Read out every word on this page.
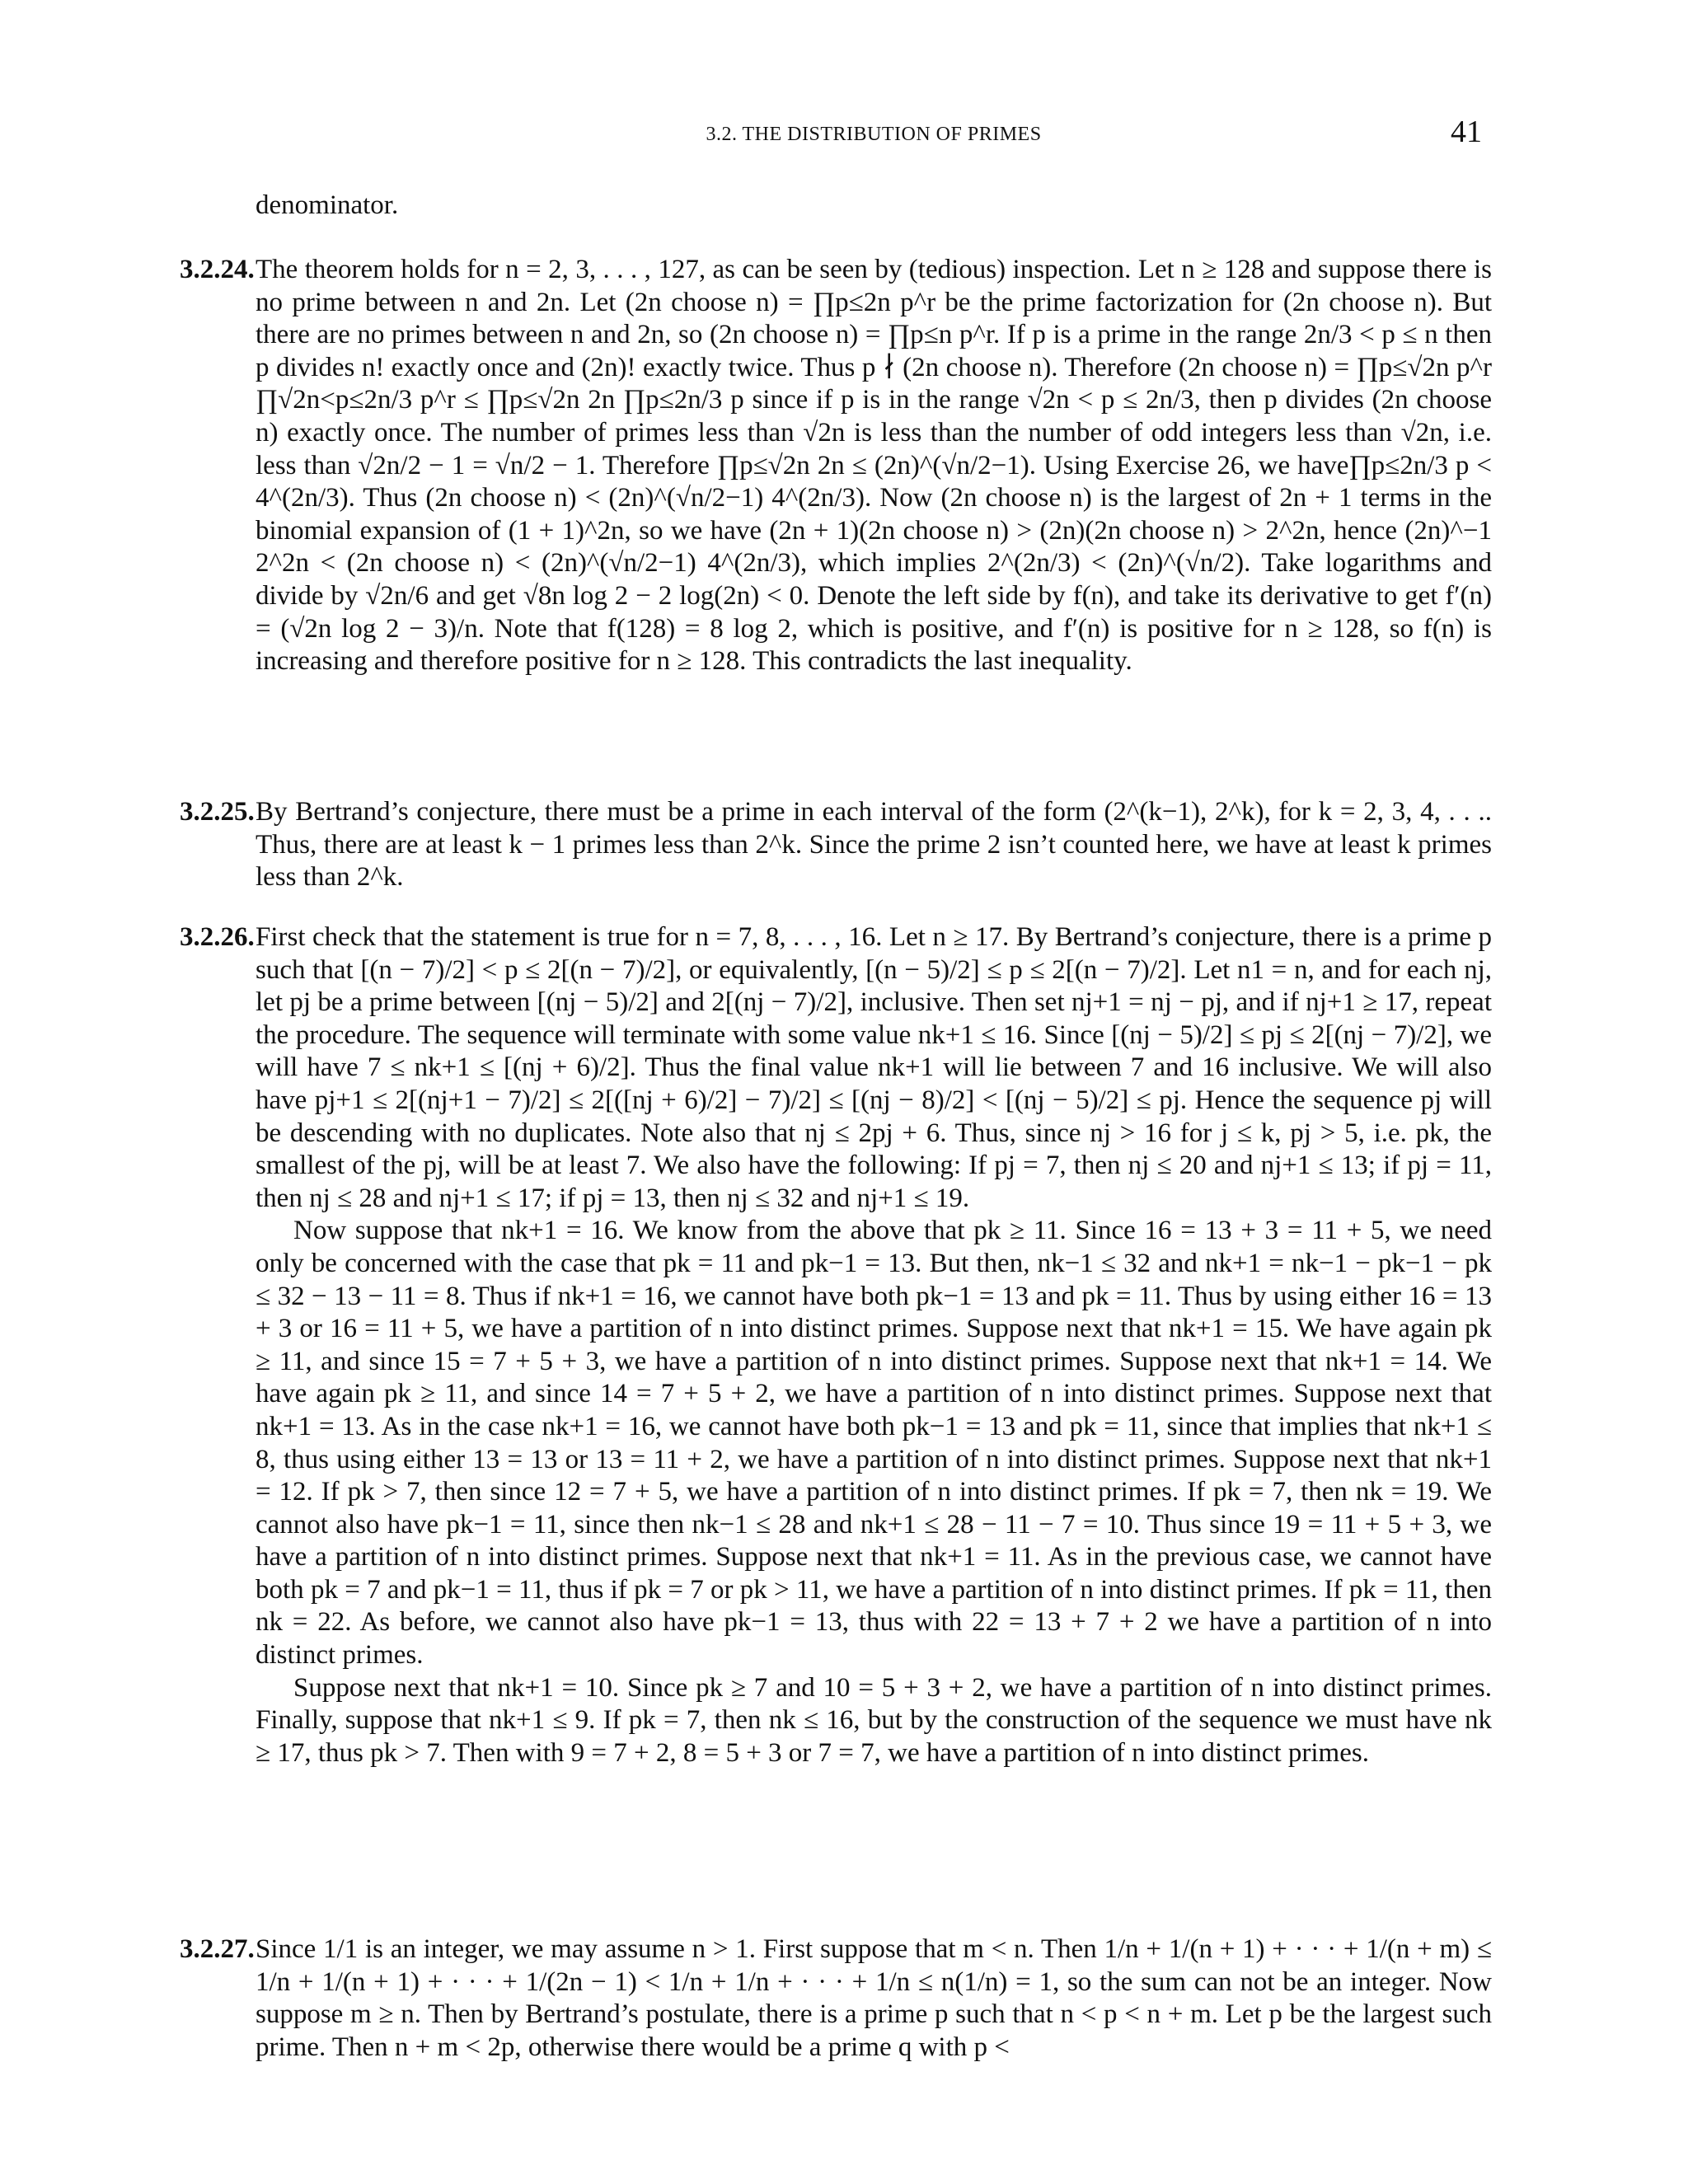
3.2. THE DISTRIBUTION OF PRIMES	41

denominator.

3.2.24. The theorem holds for n = 2, 3, . . . , 127, as can be seen by (tedious) inspection. Let n ≥ 128 and suppose there is no prime between n and 2n. Let (2n choose n) = ∏p≤2n p^r be the prime factorization for (2n choose n). But there are no primes between n and 2n, so (2n choose n) = ∏p≤n p^r. If p is a prime in the range 2n/3 < p ≤ n then p divides n! exactly once and (2n)! exactly twice. Thus p ∤ (2n choose n). Therefore (2n choose n) = ∏p≤√2n p^r ∏√2n<p≤2n/3 p^r ≤ ∏p≤√2n 2n ∏p≤2n/3 p since if p is in the range √2n < p ≤ 2n/3, then p divides (2n choose n) exactly once. The number of primes less than √2n is less than the number of odd integers less than √2n, i.e. less than √2n/2 − 1 = √n/2 − 1. Therefore ∏p≤√2n 2n ≤ (2n)^(√n/2−1). Using Exercise 26, we have∏p≤2n/3 p < 4^(2n/3). Thus (2n choose n) < (2n)^(√n/2−1) 4^(2n/3). Now (2n choose n) is the largest of 2n + 1 terms in the binomial expansion of (1 + 1)^2n, so we have (2n + 1)(2n choose n) > (2n)(2n choose n) > 2^2n, hence (2n)^−1 2^2n < (2n choose n) < (2n)^(√n/2−1) 4^(2n/3), which implies 2^(2n/3) < (2n)^(√n/2). Take logarithms and divide by √2n/6 and get √8n log 2 − 2 log(2n) < 0. Denote the left side by f(n), and take its derivative to get f′(n) = (√2n log 2 − 3)/n. Note that f(128) = 8 log 2, which is positive, and f′(n) is positive for n ≥ 128, so f(n) is increasing and therefore positive for n ≥ 128. This contradicts the last inequality.

3.2.25. By Bertrand’s conjecture, there must be a prime in each interval of the form (2^(k−1), 2^k), for k = 2, 3, 4, . . .. Thus, there are at least k − 1 primes less than 2^k. Since the prime 2 isn’t counted here, we have at least k primes less than 2^k.

3.2.26. First check that the statement is true for n = 7, 8, . . . , 16. Let n ≥ 17. By Bertrand’s conjecture, there is a prime p such that [(n − 7)/2] < p ≤ 2[(n − 7)/2], or equivalently, [(n − 5)/2] ≤ p ≤ 2[(n − 7)/2]. Let n1 = n, and for each nj, let pj be a prime between [(nj − 5)/2] and 2[(nj − 7)/2], inclusive. Then set nj+1 = nj − pj, and if nj+1 ≥ 17, repeat the procedure. The sequence will terminate with some value nk+1 ≤ 16. Since [(nj − 5)/2] ≤ pj ≤ 2[(nj − 7)/2], we will have 7 ≤ nk+1 ≤ [(nj + 6)/2]. Thus the final value nk+1 will lie between 7 and 16 inclusive. We will also have pj+1 ≤ 2[(nj+1 − 7)/2] ≤ 2[([nj + 6)/2] − 7)/2] ≤ [(nj − 8)/2] < [(nj − 5)/2] ≤ pj. Hence the sequence pj will be descending with no duplicates. Note also that nj ≤ 2pj + 6. Thus, since nj > 16 for j ≤ k, pj > 5, i.e. pk, the smallest of the pj, will be at least 7. We also have the following: If pj = 7, then nj ≤ 20 and nj+1 ≤ 13; if pj = 11, then nj ≤ 28 and nj+1 ≤ 17; if pj = 13, then nj ≤ 32 and nj+1 ≤ 19.

Now suppose that nk+1 = 16. We know from the above that pk ≥ 11. Since 16 = 13 + 3 = 11 + 5, we need only be concerned with the case that pk = 11 and pk−1 = 13. But then, nk−1 ≤ 32 and nk+1 = nk−1 − pk−1 − pk ≤ 32 − 13 − 11 = 8. Thus if nk+1 = 16, we cannot have both pk−1 = 13 and pk = 11. Thus by using either 16 = 13 + 3 or 16 = 11 + 5, we have a partition of n into distinct primes. Suppose next that nk+1 = 15. We have again pk ≥ 11, and since 15 = 7 + 5 + 3, we have a partition of n into distinct primes. Suppose next that nk+1 = 14. We have again pk ≥ 11, and since 14 = 7 + 5 + 2, we have a partition of n into distinct primes. Suppose next that nk+1 = 13. As in the case nk+1 = 16, we cannot have both pk−1 = 13 and pk = 11, since that implies that nk+1 ≤ 8, thus using either 13 = 13 or 13 = 11 + 2, we have a partition of n into distinct primes. Suppose next that nk+1 = 12. If pk > 7, then since 12 = 7 + 5, we have a partition of n into distinct primes. If pk = 7, then nk = 19. We cannot also have pk−1 = 11, since then nk−1 ≤ 28 and nk+1 ≤ 28 − 11 − 7 = 10. Thus since 19 = 11 + 5 + 3, we have a partition of n into distinct primes. Suppose next that nk+1 = 11. As in the previous case, we cannot have both pk = 7 and pk−1 = 11, thus if pk = 7 or pk > 11, we have a partition of n into distinct primes. If pk = 11, then nk = 22. As before, we cannot also have pk−1 = 13, thus with 22 = 13 + 7 + 2 we have a partition of n into distinct primes.

Suppose next that nk+1 = 10. Since pk ≥ 7 and 10 = 5 + 3 + 2, we have a partition of n into distinct primes. Finally, suppose that nk+1 ≤ 9. If pk = 7, then nk ≤ 16, but by the construction of the sequence we must have nk ≥ 17, thus pk > 7. Then with 9 = 7 + 2, 8 = 5 + 3 or 7 = 7, we have a partition of n into distinct primes.

3.2.27. Since 1/1 is an integer, we may assume n > 1. First suppose that m < n. Then 1/n + 1/(n + 1) + · · · + 1/(n + m) ≤ 1/n + 1/(n + 1) + · · · + 1/(2n − 1) < 1/n + 1/n + · · · + 1/n ≤ n(1/n) = 1, so the sum can not be an integer. Now suppose m ≥ n. Then by Bertrand’s postulate, there is a prime p such that n < p < n + m. Let p be the largest such prime. Then n + m < 2p, otherwise there would be a prime q with p <
